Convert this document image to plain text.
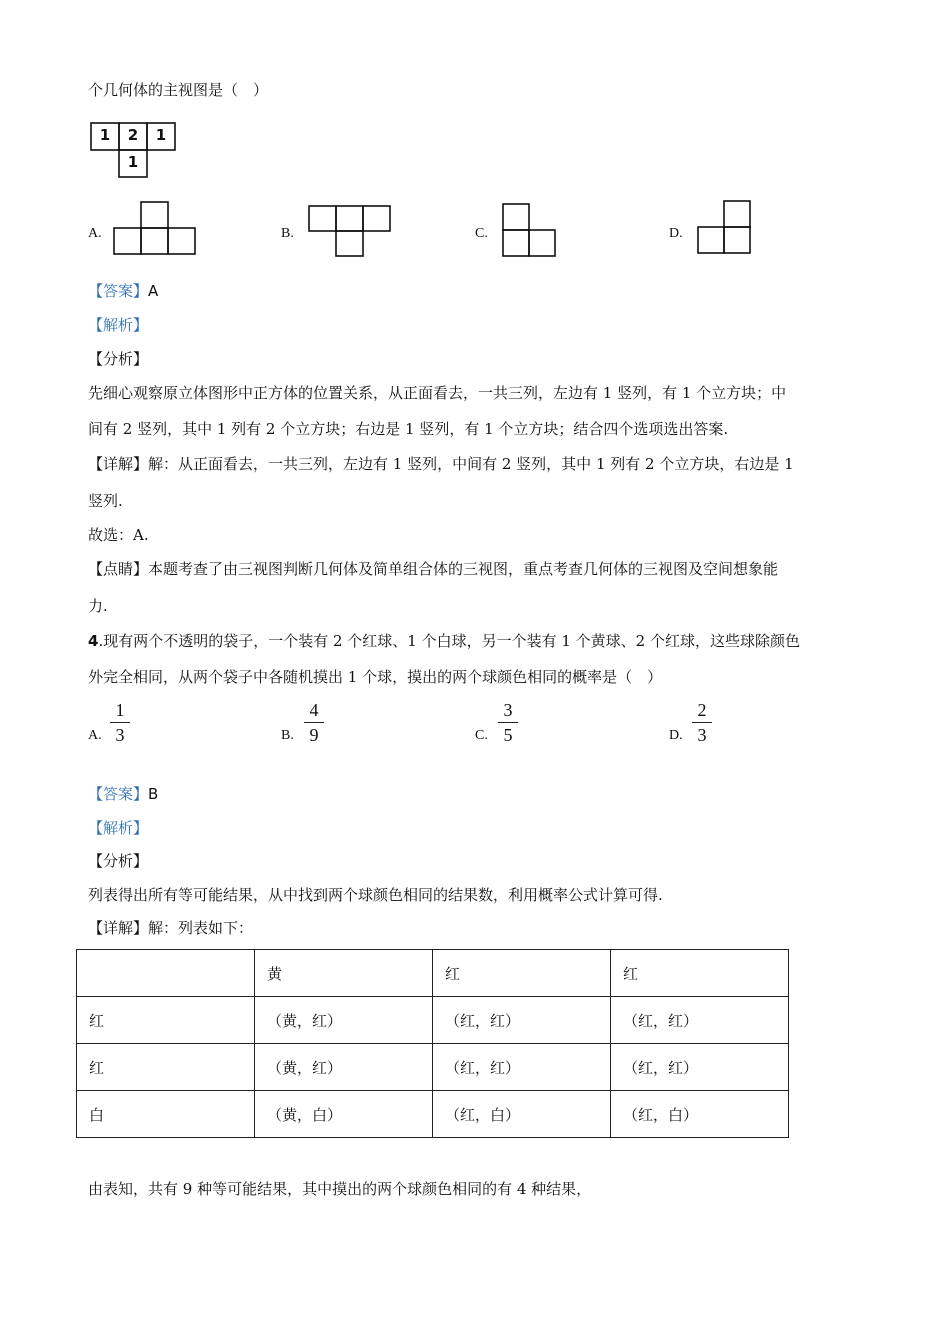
个几何体的主视图是（　）
1	2	1
1
A.	B.	C.	D.
【答案】A
【解析】
【分析】
先细心观察原立体图形中正方体的位置关系，从正面看去，一共三列，左边有 1 竖列，有 1 个立方块；中
间有 2 竖列，其中 1 列有 2 个立方块；右边是 1 竖列，有 1 个立方块；结合四个选项选出答案.
【详解】解：从正面看去，一共三列，左边有 1 竖列，中间有 2 竖列，其中 1 列有 2 个立方块，右边是 1
竖列.
故选：A.
【点睛】本题考查了由三视图判断几何体及简单组合体的三视图，重点考查几何体的三视图及空间想象能
力.
4.现有两个不透明的袋子，一个装有 2 个红球、1 个白球，另一个装有 1 个黄球、2 个红球，这些球除颜色
外完全相同，从两个袋子中各随机摸出 1 个球，摸出的两个球颜色相同的概率是（　）
A.
1
3	B.
4
9	C.
3
5	D.
2
3
【答案】B
【解析】
【分析】
列表得出所有等可能结果，从中找到两个球颜色相同的结果数，利用概率公式计算可得.
【详解】解：列表如下：
	黄	红	红
红	（黄，红）	（红，红）	（红，红）
红	（黄，红）	（红，红）	（红，红）
白	（黄，白）	（红，白）	（红，白）
由表知，共有 9 种等可能结果，其中摸出的两个球颜色相同的有 4 种结果，
